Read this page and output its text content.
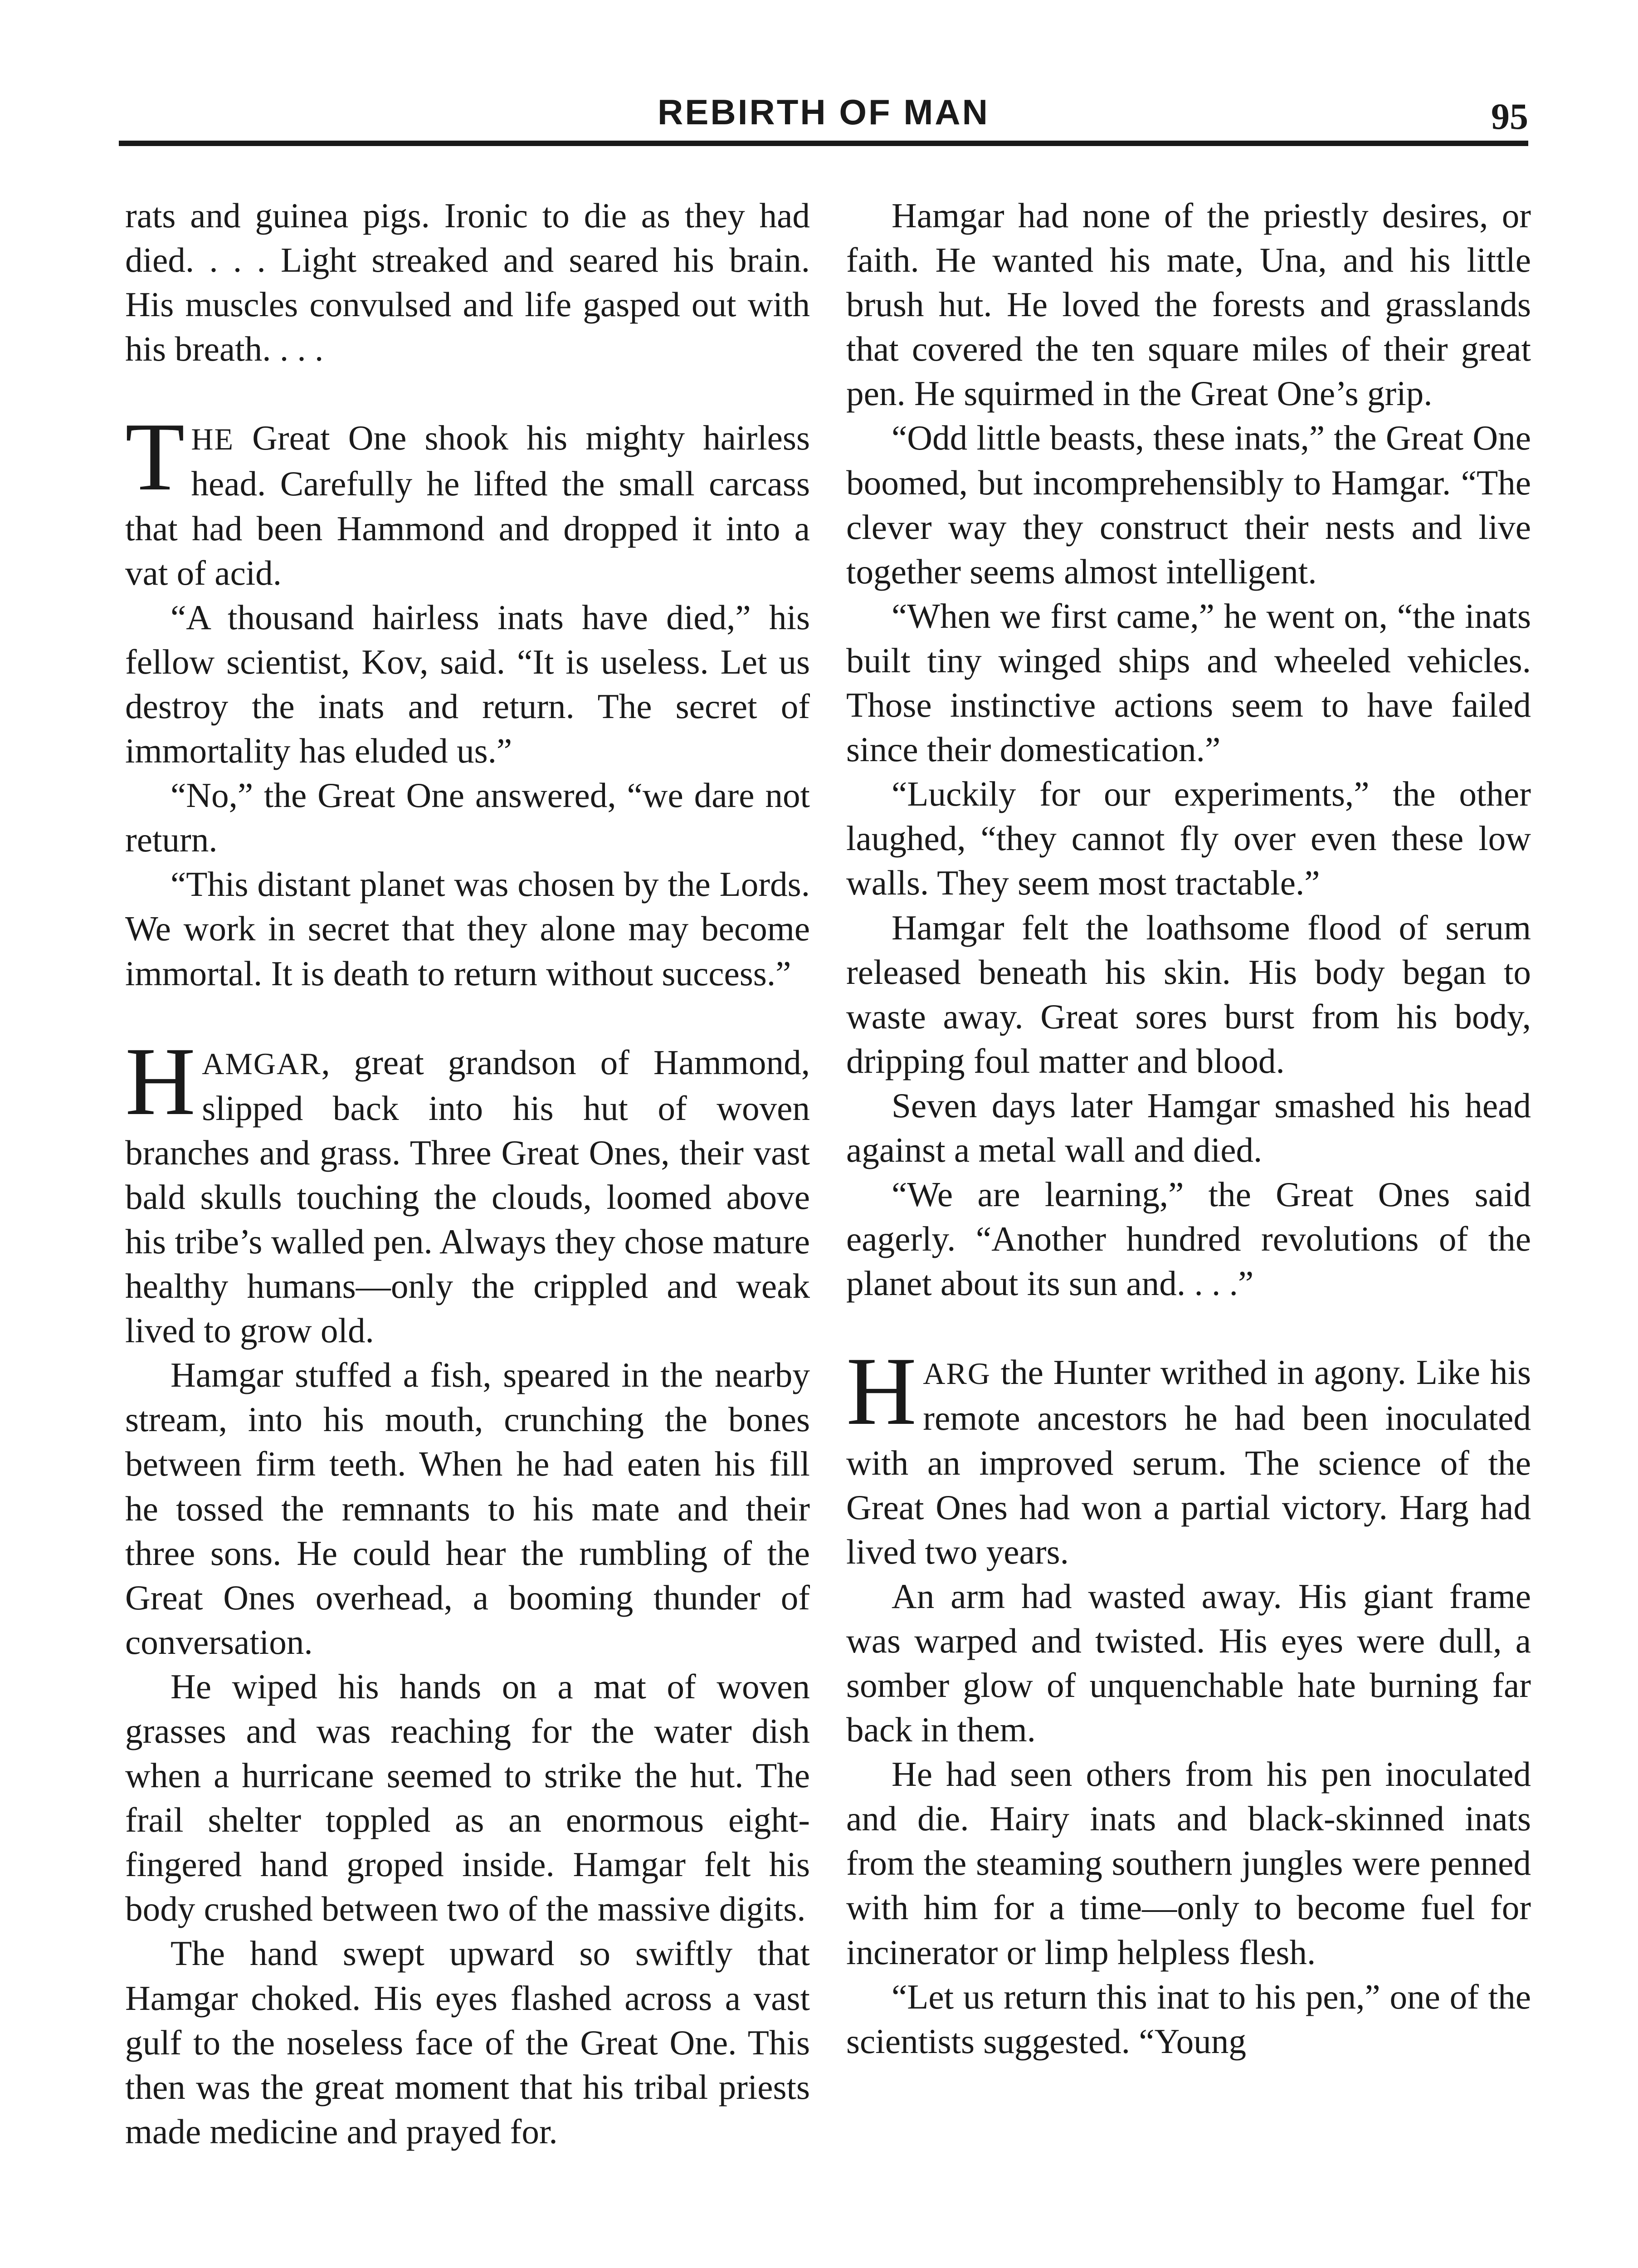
REBIRTH OF MAN	95

rats and guinea pigs. Ironic to die as they had died. . . . Light streaked and seared his brain. His muscles convulsed and life gasped out with his breath. . . .

THE Great One shook his mighty hairless head. Carefully he lifted the small carcass that had been Hammond and dropped it into a vat of acid.

“A thousand hairless inats have died,” his fellow scientist, Kov, said. “It is useless. Let us destroy the inats and return. The secret of immortality has eluded us.”

“No,” the Great One answered, “we dare not return.

“This distant planet was chosen by the Lords. We work in secret that they alone may become immortal. It is death to return without success.”

HAMGAR, great grandson of Hammond, slipped back into his hut of woven branches and grass. Three Great Ones, their vast bald skulls touching the clouds, loomed above his tribe’s walled pen. Always they chose mature healthy humans—only the crippled and weak lived to grow old.

Hamgar stuffed a fish, speared in the nearby stream, into his mouth, crunching the bones between firm teeth. When he had eaten his fill he tossed the remnants to his mate and their three sons. He could hear the rumbling of the Great Ones overhead, a booming thunder of conversation.

He wiped his hands on a mat of woven grasses and was reaching for the water dish when a hurricane seemed to strike the hut. The frail shelter toppled as an enormous eight-fingered hand groped inside. Hamgar felt his body crushed between two of the massive digits.

The hand swept upward so swiftly that Hamgar choked. His eyes flashed across a vast gulf to the noseless face of the Great One. This then was the great moment that his tribal priests made medicine and prayed for.

Hamgar had none of the priestly desires, or faith. He wanted his mate, Una, and his little brush hut. He loved the forests and grasslands that covered the ten square miles of their great pen. He squirmed in the Great One’s grip.

“Odd little beasts, these inats,” the Great One boomed, but incomprehensibly to Hamgar. “The clever way they construct their nests and live together seems almost intelligent.

“When we first came,” he went on, “the inats built tiny winged ships and wheeled vehicles. Those instinctive actions seem to have failed since their domestication.”

“Luckily for our experiments,” the other laughed, “they cannot fly over even these low walls. They seem most tractable.”

Hamgar felt the loathsome flood of serum released beneath his skin. His body began to waste away. Great sores burst from his body, dripping foul matter and blood.

Seven days later Hamgar smashed his head against a metal wall and died.

“We are learning,” the Great Ones said eagerly. “Another hundred revolutions of the planet about its sun and. . . .”

HARG the Hunter writhed in agony. Like his remote ancestors he had been inoculated with an improved serum. The science of the Great Ones had won a partial victory. Harg had lived two years.

An arm had wasted away. His giant frame was warped and twisted. His eyes were dull, a somber glow of unquenchable hate burning far back in them.

He had seen others from his pen inoculated and die. Hairy inats and black-skinned inats from the steaming southern jungles were penned with him for a time—only to become fuel for incinerator or limp helpless flesh.

“Let us return this inat to his pen,” one of the scientists suggested. “Young
